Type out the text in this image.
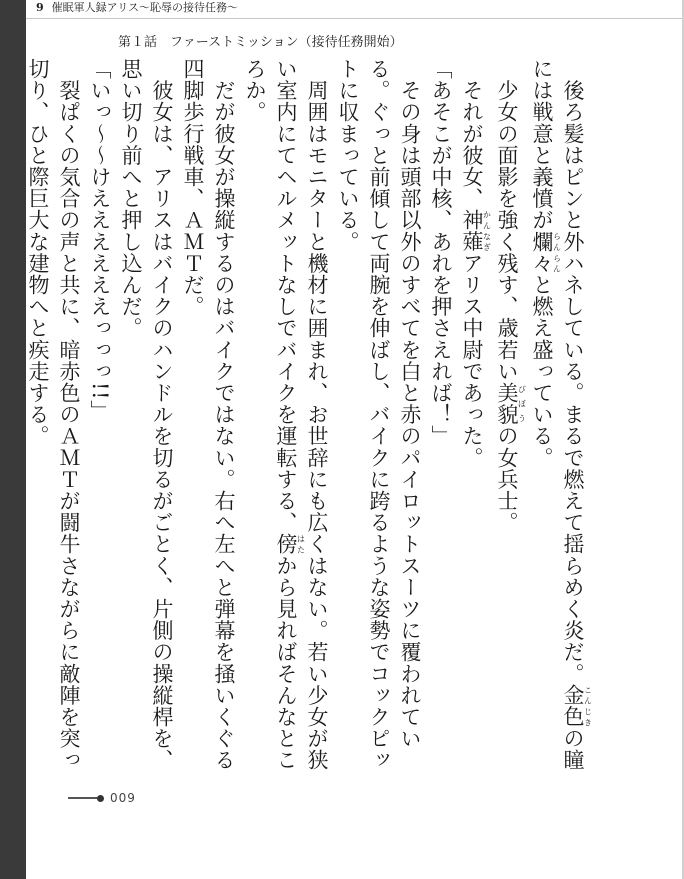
9 催眠軍人録アリス～恥辱の接待任務～
第１話　ファーストミッション（接待任務開始）

　後ろ髪はピンと外ハネしている。まるで燃えて揺らめく炎だ。金色こんじきの瞳には戦意と義憤が爛々らんらんと燃え盛っている。

　少女の面影を強く残す、歳若い美貌びぼうの女兵士。

　それが彼女、神薙かんなぎアリス中尉であった。

「あそこが中核、あれを押さえれば！」

　その身は頭部以外のすべてを白と赤のパイロットスーツに覆われている。ぐっと前傾して両腕を伸ばし、バイクに跨るような姿勢でコックピットに収まっている。

　周囲はモニターと機材に囲まれ、お世辞にも広くはない。若い少女が狭い室内にてヘルメットなしでバイクを運転する、傍はたから見ればそんなところか。

　だが彼女が操縦するのはバイクではない。右へ左へと弾幕を掻いくぐる四脚歩行戦車、ＡＭＴだ。

　彼女は、アリスはバイクのハンドルを切るがごとく、片側の操縦桿を、思い切り前へと押し込んだ。

「いっ～～けええええええっっっ!!」

　裂ぱくの気合の声と共に、暗赤色のＡＭＴが闘牛さながらに敵陣を突っ切り、ひと際巨大な建物へと疾走する。

009
